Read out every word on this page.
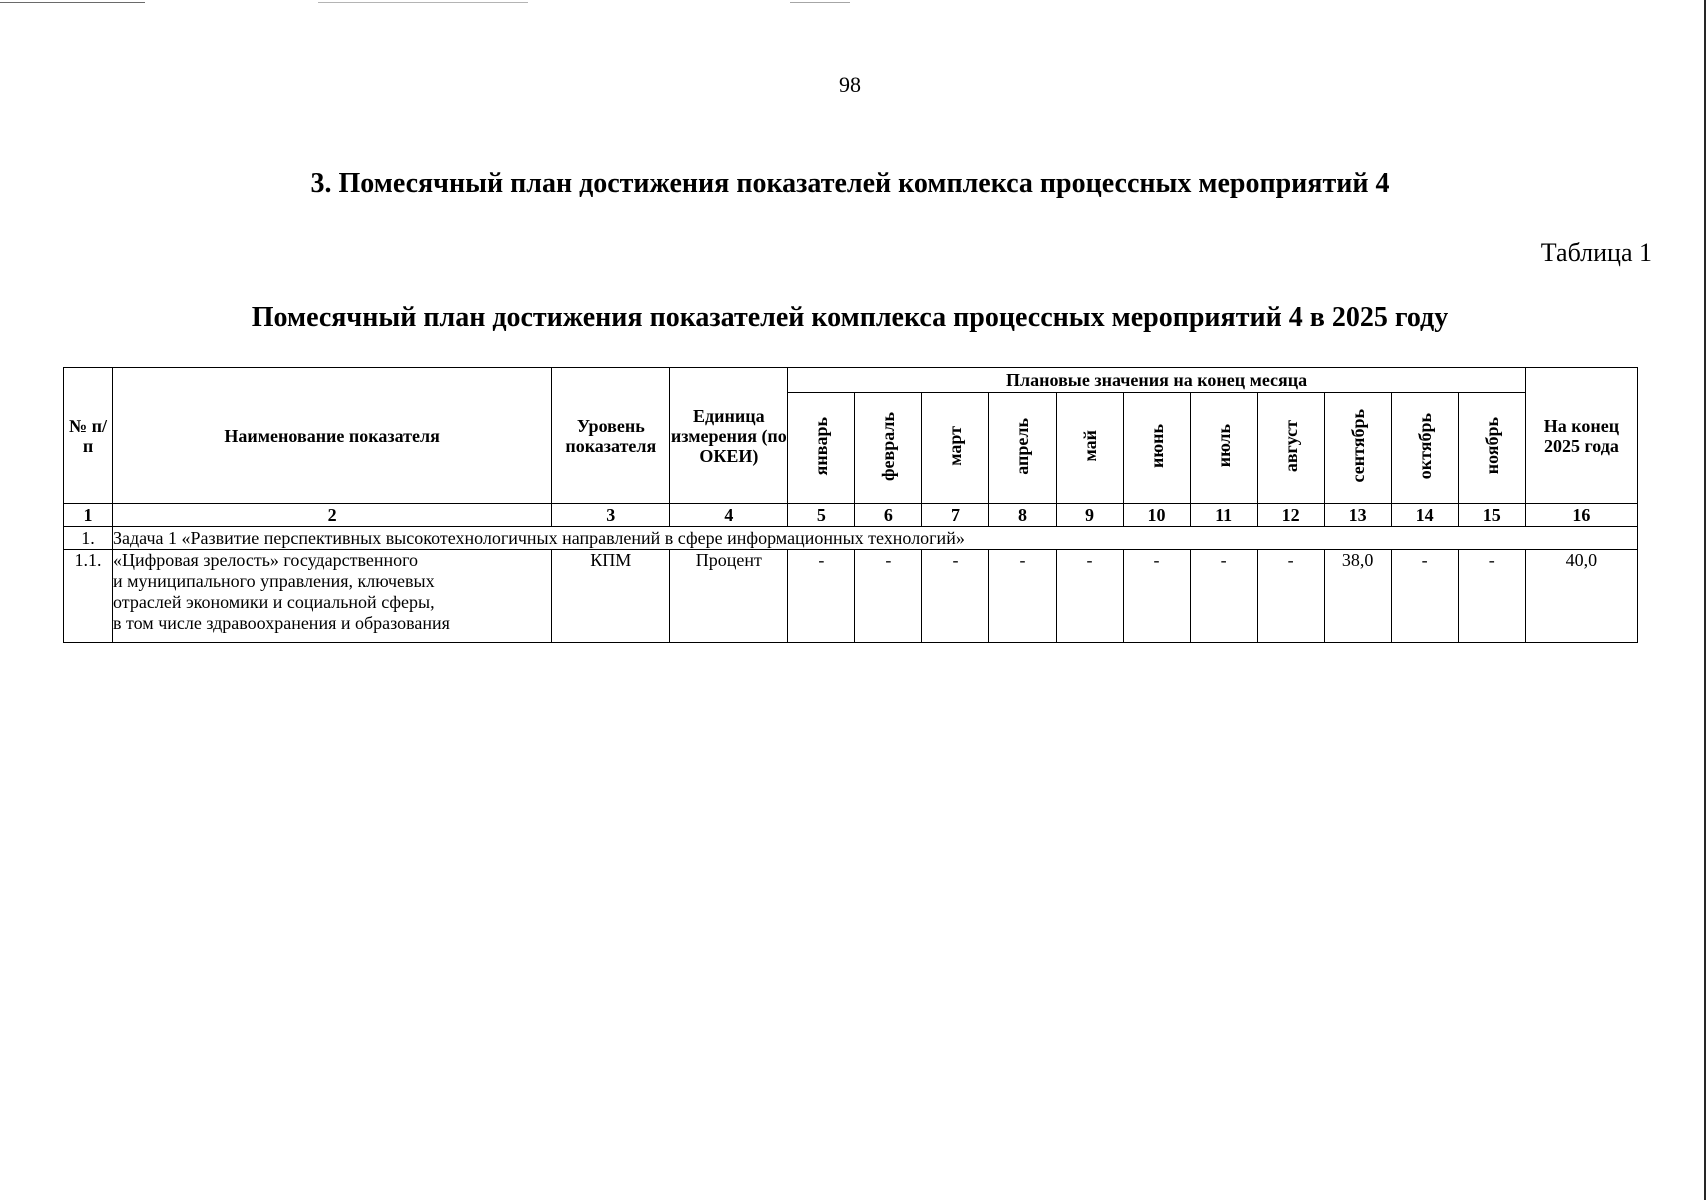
98
3. Помесячный план достижения показателей комплекса процессных мероприятий 4
Таблица 1
Помесячный план достижения показателей комплекса процессных мероприятий 4 в 2025 году
№ п/п	Наименование показателя	Уровень показателя	Единица измерения (по ОКЕИ)	Плановые значения на конец месяца											На конец 2025 года
				январь	февраль	март	апрель	май	июнь	июль	август	сентябрь	октябрь	ноябрь	
1	2	3	4	5	6	7	8	9	10	11	12	13	14	15	16
1.	Задача 1 «Развитие перспективных высокотехнологичных направлений в сфере информационных технологий»														
1.1.	«Цифровая зрелость» государственного
и муниципального управления, ключевых
отраслей экономики и социальной сферы,
в том числе здравоохранения и образования	КПМ	Процент	-	-	-	-	-	-	-	-	38,0	-	-	40,0
